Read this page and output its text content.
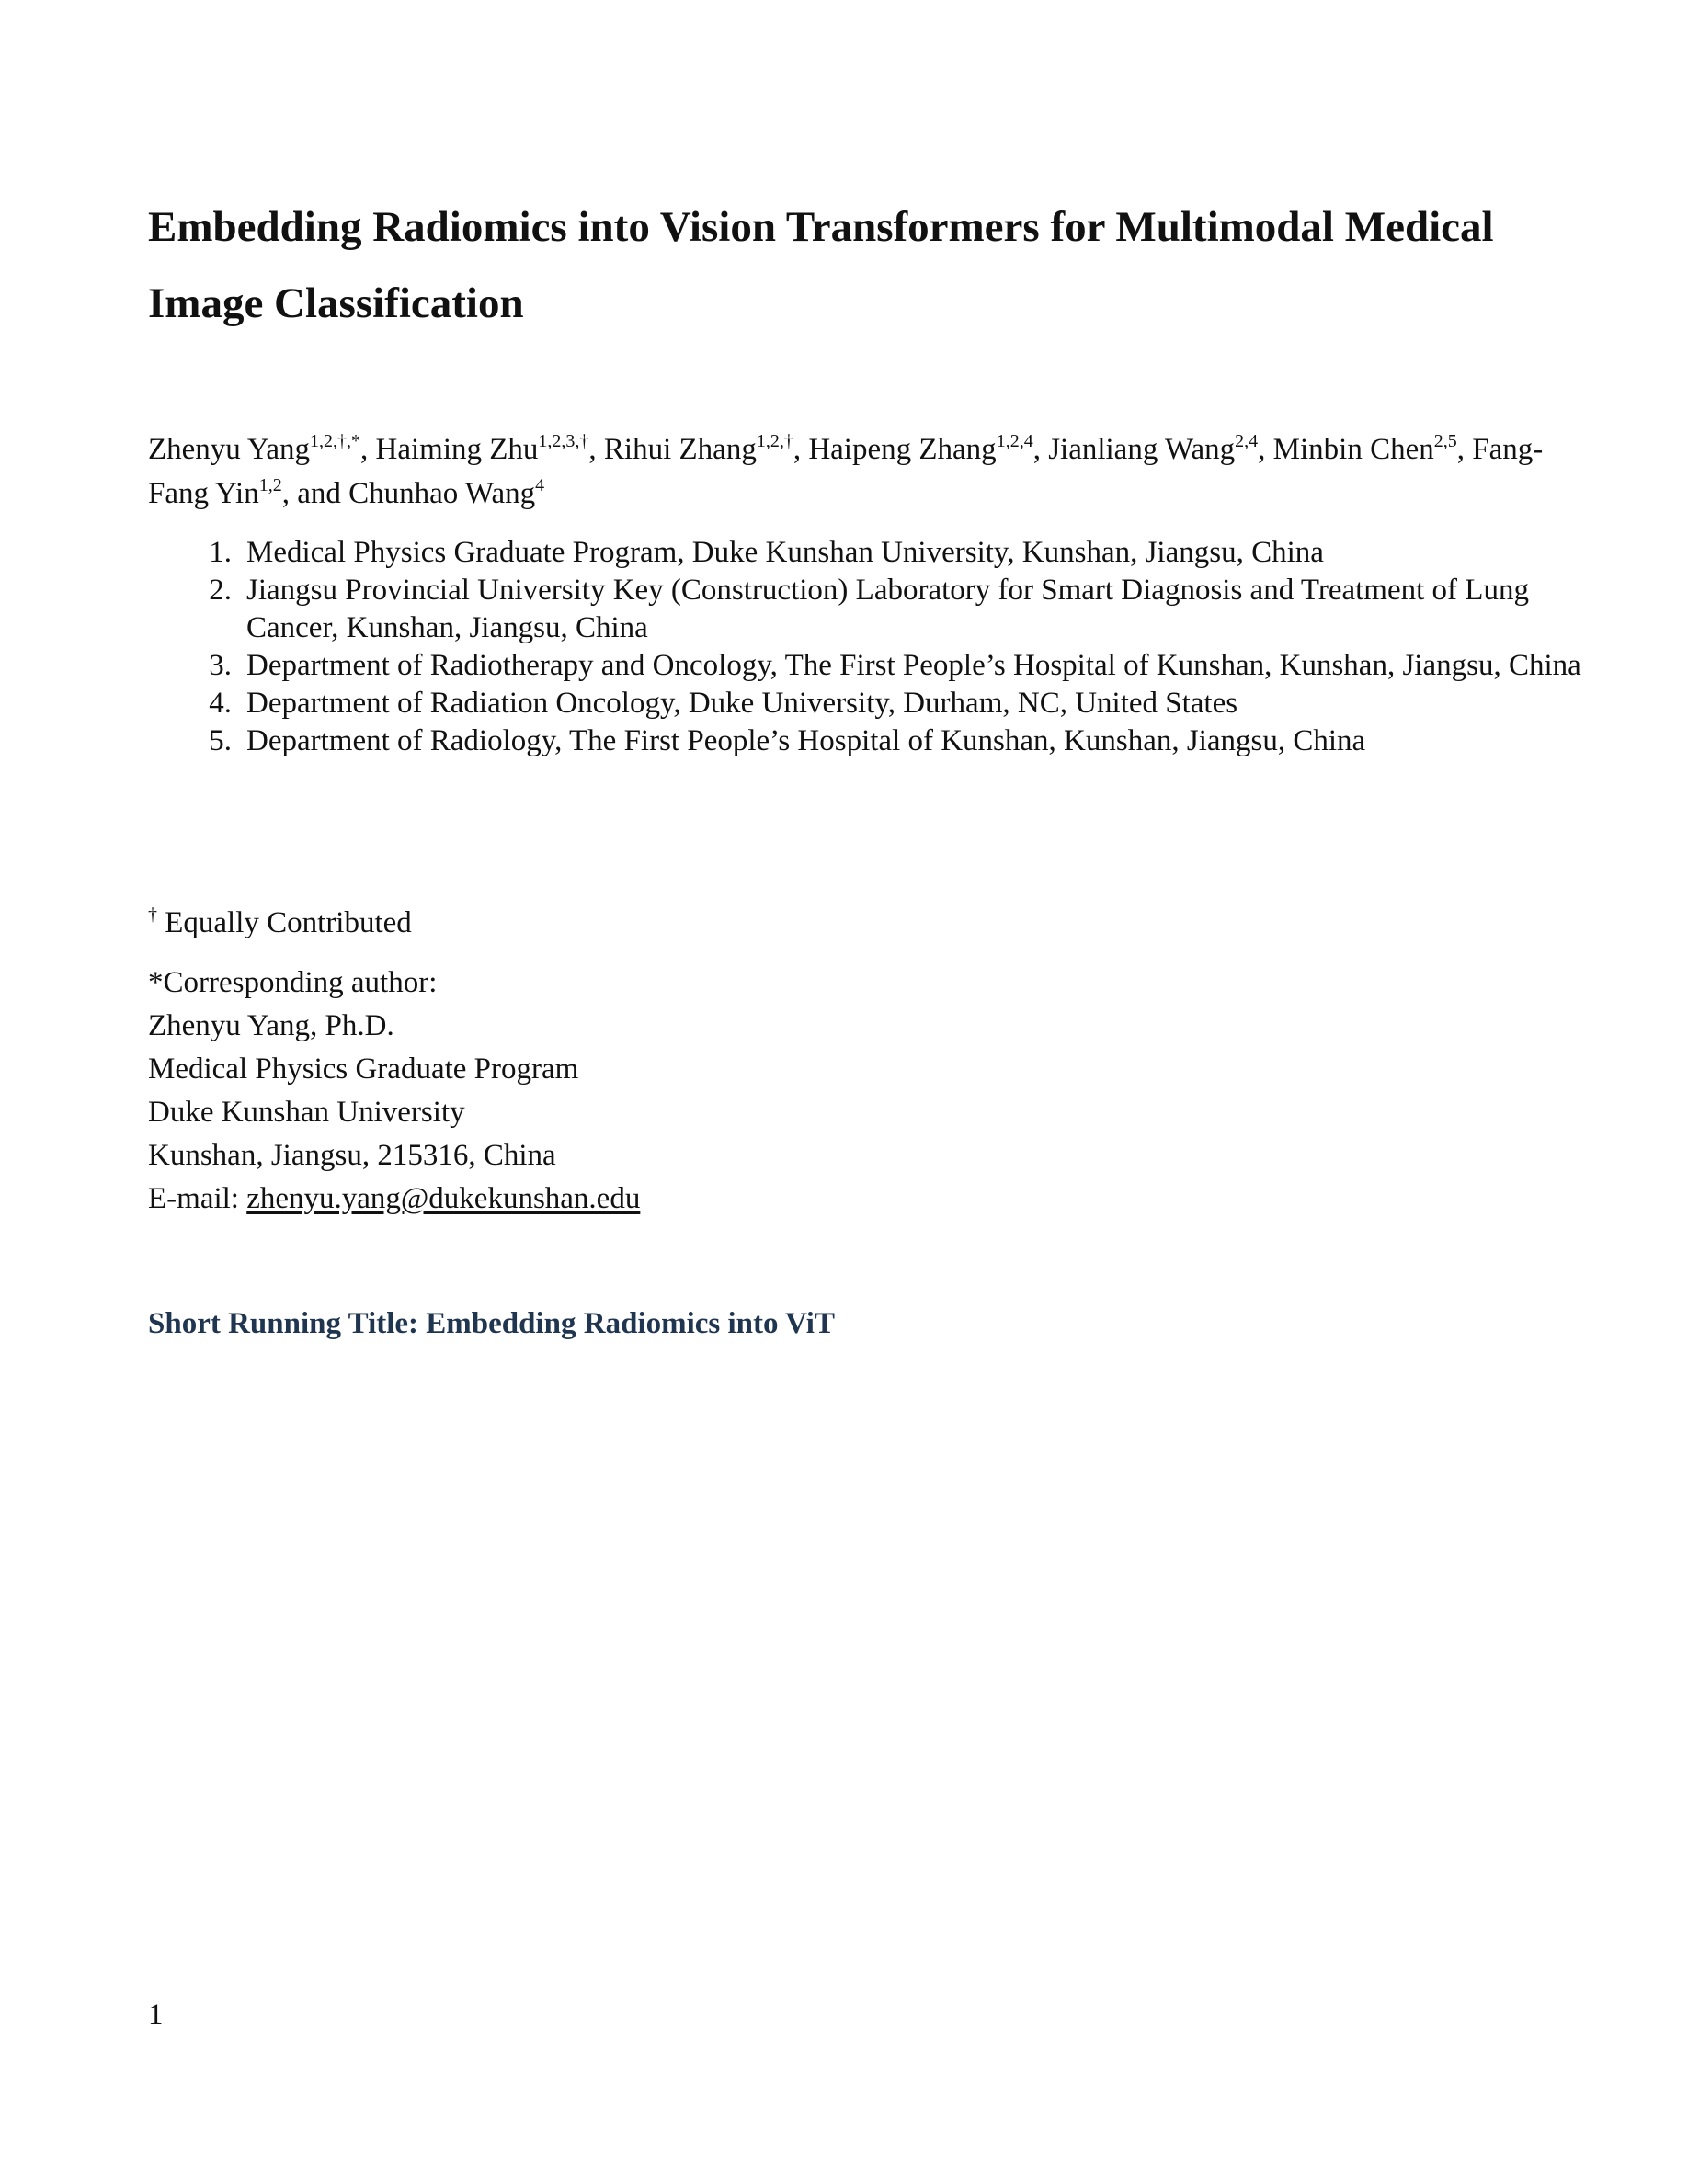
Embedding Radiomics into Vision Transformers for Multimodal Medical Image Classification
Zhenyu Yang$^{1,2,\dagger,*}$, Haiming Zhu$^{1,2,3,\dagger}$, Rihui Zhang$^{1,2,\dagger}$, Haipeng Zhang$^{1,2,4}$, Jianliang Wang$^{2,4}$, Minbin Chen$^{2,5}$, Fang-Fang Yin$^{1,2}$, and Chunhao Wang$^4$
1. Medical Physics Graduate Program, Duke Kunshan University, Kunshan, Jiangsu, China
2. Jiangsu Provincial University Key (Construction) Laboratory for Smart Diagnosis and Treatment of Lung Cancer, Kunshan, Jiangsu, China
3. Department of Radiotherapy and Oncology, The First People’s Hospital of Kunshan, Kunshan, Jiangsu, China
4. Department of Radiation Oncology, Duke University, Durham, NC, United States
5. Department of Radiology, The First People’s Hospital of Kunshan, Kunshan, Jiangsu, China
† Equally Contributed
*Corresponding author:
Zhenyu Yang, Ph.D.
Medical Physics Graduate Program
Duke Kunshan University
Kunshan, Jiangsu, 215316, China
E-mail: zhenyu.yang@dukekunshan.edu
Short Running Title: Embedding Radiomics into ViT
1
